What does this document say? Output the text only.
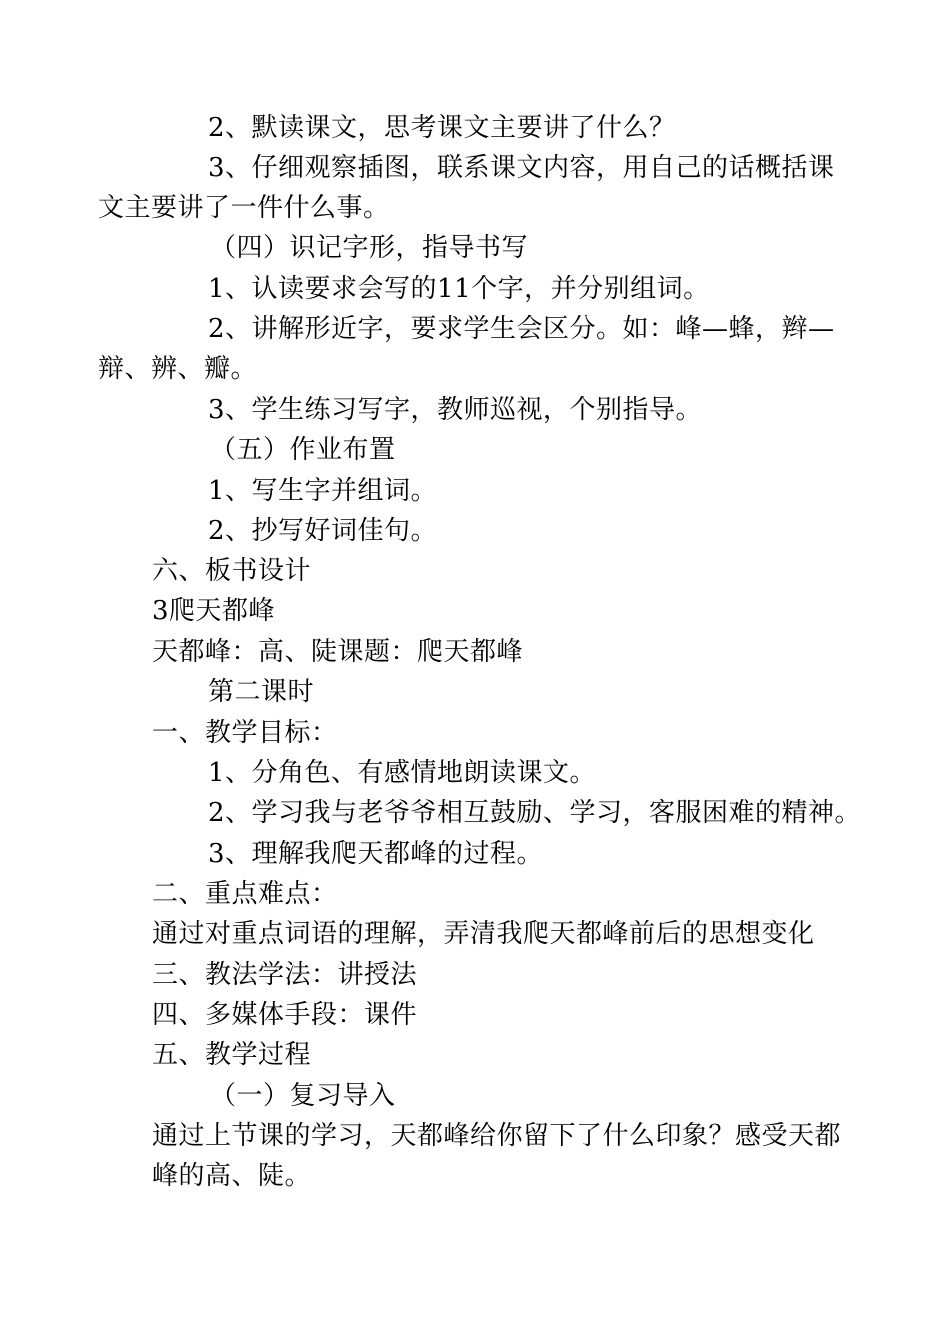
2、默读课文，思考课文主要讲了什么？
3、仔细观察插图，联系课文内容，用自己的话概括课
文主要讲了一件什么事。
（四）识记字形，指导书写
1、认读要求会写的11个字，并分别组词。
2、讲解形近字，要求学生会区分。如：峰—蜂，辫—
辩、辨、瓣。
3、学生练习写字，教师巡视，个别指导。
（五）作业布置
1、写生字并组词。
2、抄写好词佳句。
六、板书设计
3爬天都峰
天都峰：高、陡课题：爬天都峰
第二课时
一、教学目标：
1、分角色、有感情地朗读课文。
2、学习我与老爷爷相互鼓励、学习，客服困难的精神。
3、理解我爬天都峰的过程。
二、重点难点：
通过对重点词语的理解，弄清我爬天都峰前后的思想变化
三、教法学法：讲授法
四、多媒体手段：课件
五、教学过程
（一）复习导入
通过上节课的学习，天都峰给你留下了什么印象？感受天都
峰的高、陡。
